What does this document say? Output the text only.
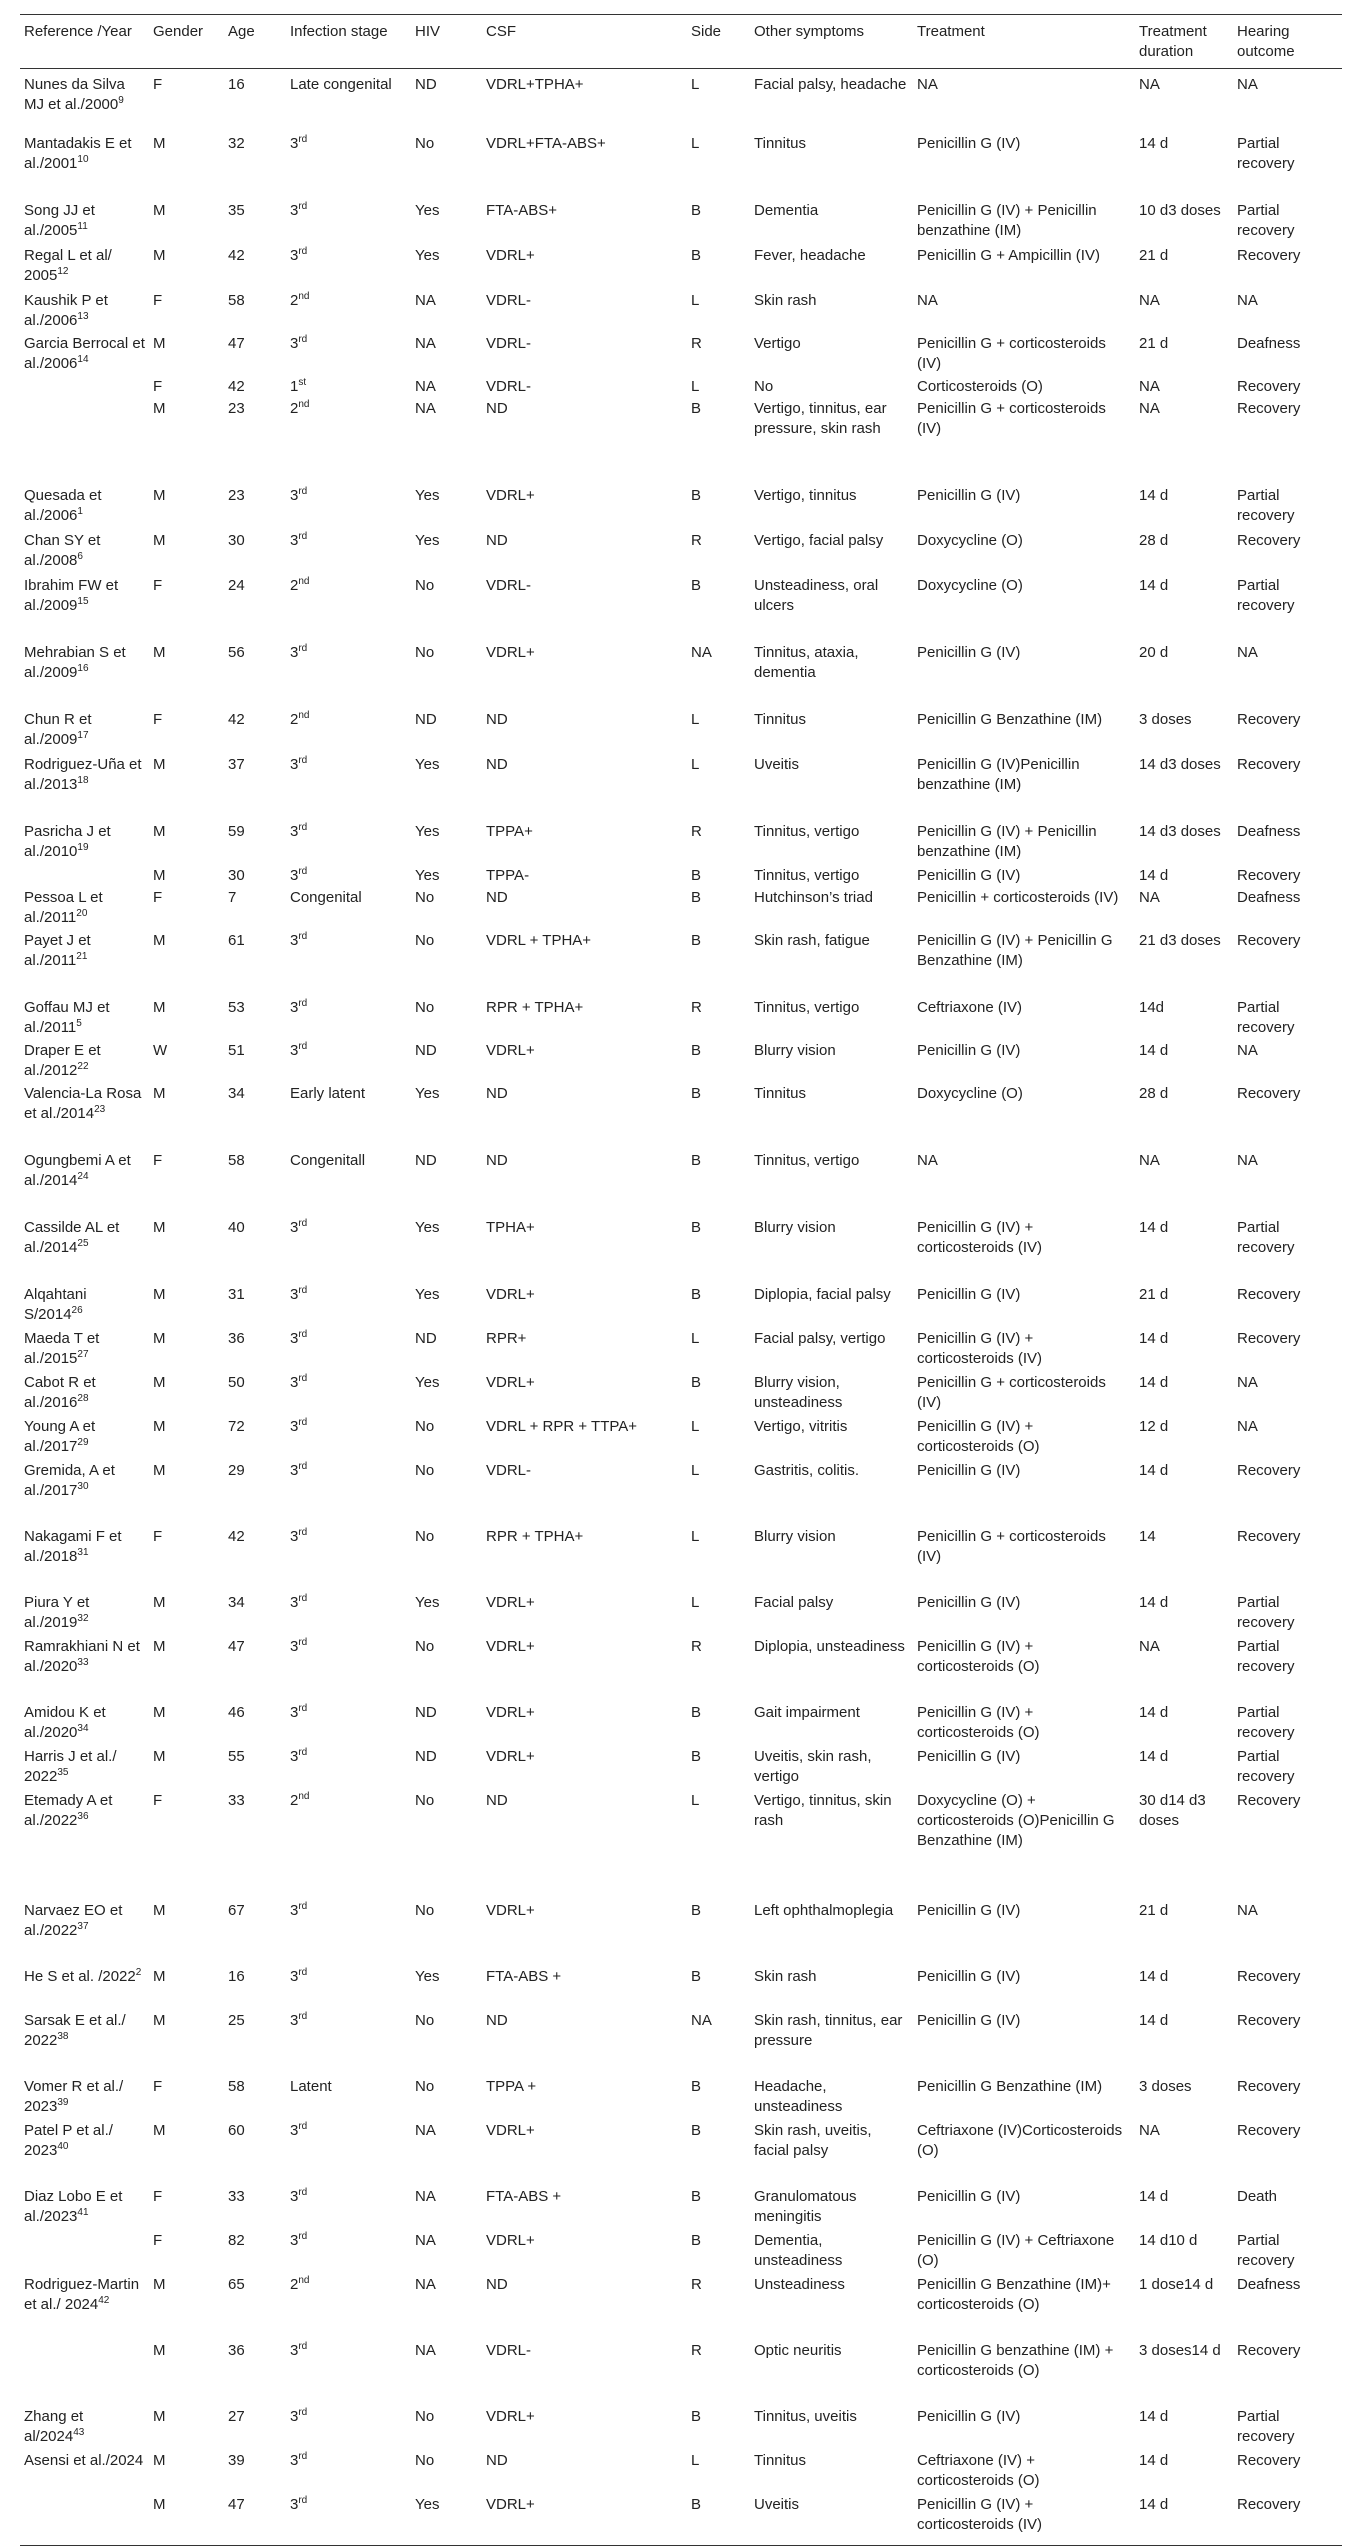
Reference /Year	Gender	Age	Infection stage	HIV	CSF	Side	Other symptoms	Treatment	Treatment duration	Hearing outcome
Nunes da Silva MJ et al./2000$^9$	F	16	Late congenital	ND	VDRL+TPHA+	L	Facial palsy, headache	NA	NA	NA
Mantadakis E et al./2001$^{10}$	M	32	3rd	No	VDRL+FTA-ABS+	L	Tinnitus	Penicillin G (IV)	14 d	Partial recovery
Song JJ et al./2005$^{11}$	M	35	3rd	Yes	FTA-ABS+	B	Dementia	Penicillin G (IV) + Penicillin benzathine (IM)	10 d3 doses	Partial recovery
Regal L et al/ 2005$^{12}$	M	42	3rd	Yes	VDRL+	B	Fever, headache	Penicillin G + Ampicillin (IV)	21 d	Recovery
Kaushik P et al./2006$^{13}$	F	58	2nd	NA	VDRL-	L	Skin rash	NA	NA	NA
Garcia Berrocal et al./2006$^{14}$	M	47	3rd	NA	VDRL-	R	Vertigo	Penicillin G + corticosteroids (IV)	21 d	Deafness
	F	42	1st	NA	VDRL-	L	No	Corticosteroids (O)	NA	Recovery
	M	23	2nd	NA	ND	B	Vertigo, tinnitus, ear pressure, skin rash	Penicillin G + corticosteroids (IV)	NA	Recovery
Quesada et al./2006$^1$	M	23	3rd	Yes	VDRL+	B	Vertigo, tinnitus	Penicillin G (IV)	14 d	Partial recovery
Chan SY et al./2008$^6$	M	30	3rd	Yes	ND	R	Vertigo, facial palsy	Doxycycline (O)	28 d	Recovery
Ibrahim FW et al./2009$^{15}$	F	24	2nd	No	VDRL-	B	Unsteadiness, oral ulcers	Doxycycline (O)	14 d	Partial recovery
Mehrabian S et al./2009$^{16}$	M	56	3rd	No	VDRL+	NA	Tinnitus, ataxia, dementia	Penicillin G (IV)	20 d	NA
Chun R et al./2009$^{17}$	F	42	2nd	ND	ND	L	Tinnitus	Penicillin G Benzathine (IM)	3 doses	Recovery
Rodriguez-Uña et al./2013$^{18}$	M	37	3rd	Yes	ND	L	Uveitis	Penicillin G (IV)Penicillin benzathine (IM)	14 d3 doses	Recovery
Pasricha J et al./2010$^{19}$	M	59	3rd	Yes	TPPA+	R	Tinnitus, vertigo	Penicillin G (IV) + Penicillin benzathine (IM)	14 d3 doses	Deafness
	M	30	3rd	Yes	TPPA-	B	Tinnitus, vertigo	Penicillin G (IV)	14 d	Recovery
Pessoa L et al./2011$^{20}$	F	7	Congenital	No	ND	B	Hutchinson’s triad	Penicillin + corticosteroids (IV)	NA	Deafness
Payet J et al./2011$^{21}$	M	61	3rd	No	VDRL + TPHA+	B	Skin rash, fatigue	Penicillin G (IV) + Penicillin G Benzathine (IM)	21 d3 doses	Recovery
Goffau MJ et al./2011$^5$	M	53	3rd	No	RPR + TPHA+	R	Tinnitus, vertigo	Ceftriaxone (IV)	14d	Partial recovery
Draper E et al./2012$^{22}$	W	51	3rd	ND	VDRL+	B	Blurry vision	Penicillin G (IV)	14 d	NA
Valencia-La Rosa et al./2014$^{23}$	M	34	Early latent	Yes	ND	B	Tinnitus	Doxycycline (O)	28 d	Recovery
Ogungbemi A et al./2014$^{24}$	F	58	Congenitall	ND	ND	B	Tinnitus, vertigo	NA	NA	NA
Cassilde AL et al./2014$^{25}$	M	40	3rd	Yes	TPHA+	B	Blurry vision	Penicillin G (IV) + corticosteroids (IV)	14 d	Partial recovery
Alqahtani S/2014$^{26}$	M	31	3rd	Yes	VDRL+	B	Diplopia, facial palsy	Penicillin G (IV)	21 d	Recovery
Maeda T et al./2015$^{27}$	M	36	3rd	ND	RPR+	L	Facial palsy, vertigo	Penicillin G (IV) + corticosteroids (IV)	14 d	Recovery
Cabot R et al./2016$^{28}$	M	50	3rd	Yes	VDRL+	B	Blurry vision, unsteadiness	Penicillin G + corticosteroids (IV)	14 d	NA
Young A et al./2017$^{29}$	M	72	3rd	No	VDRL + RPR + TTPA+	L	Vertigo, vitritis	Penicillin G (IV) + corticosteroids (O)	12 d	NA
Gremida, A et al./2017$^{30}$	M	29	3rd	No	VDRL-	L	Gastritis, colitis.	Penicillin G (IV)	14 d	Recovery
Nakagami F et al./2018$^{31}$	F	42	3rd	No	RPR + TPHA+	L	Blurry vision	Penicillin G + corticosteroids (IV)	14	Recovery
Piura Y et al./2019$^{32}$	M	34	3rd	Yes	VDRL+	L	Facial palsy	Penicillin G (IV)	14 d	Partial recovery
Ramrakhiani N et al./2020$^{33}$	M	47	3rd	No	VDRL+	R	Diplopia, unsteadiness	Penicillin G (IV) + corticosteroids (O)	NA	Partial recovery
Amidou K et al./2020$^{34}$	M	46	3rd	ND	VDRL+	B	Gait impairment	Penicillin G (IV) + corticosteroids (O)	14 d	Partial recovery
Harris J et al./ 2022$^{35}$	M	55	3rd	ND	VDRL+	B	Uveitis, skin rash, vertigo	Penicillin G (IV)	14 d	Partial recovery
Etemady A et al./2022$^{36}$	F	33	2nd	No	ND	L	Vertigo, tinnitus, skin rash	Doxycycline (O) + corticosteroids (O)Penicillin G Benzathine (IM)	30 d14 d3 doses	Recovery
Narvaez EO et al./2022$^{37}$	M	67	3rd	No	VDRL+	B	Left ophthalmoplegia	Penicillin G (IV)	21 d	NA
He S et al. /2022$^2$	M	16	3rd	Yes	FTA-ABS +	B	Skin rash	Penicillin G (IV)	14 d	Recovery
Sarsak E et al./ 2022$^{38}$	M	25	3rd	No	ND	NA	Skin rash, tinnitus, ear pressure	Penicillin G (IV)	14 d	Recovery
Vomer R et al./ 2023$^{39}$	F	58	Latent	No	TPPA +	B	Headache, unsteadiness	Penicillin G Benzathine (IM)	3 doses	Recovery
Patel P et al./ 2023$^{40}$	M	60	3rd	NA	VDRL+	B	Skin rash, uveitis, facial palsy	Ceftriaxone (IV)Corticosteroids (O)	NA	Recovery
Diaz Lobo E et al./2023$^{41}$	F	33	3rd	NA	FTA-ABS +	B	Granulomatous meningitis	Penicillin G (IV)	14 d	Death
	F	82	3rd	NA	VDRL+	B	Dementia, unsteadiness	Penicillin G (IV) + Ceftriaxone (O)	14 d10 d	Partial recovery
Rodriguez-Martin et al./ 2024$^{42}$	M	65	2nd	NA	ND	R	Unsteadiness	Penicillin G Benzathine (IM)+ corticosteroids (O)	1 dose14 d	Deafness
	M	36	3rd	NA	VDRL-	R	Optic neuritis	Penicillin G benzathine (IM) + corticosteroids (O)	3 doses14 d	Recovery
Zhang et al/2024$^{43}$	M	27	3rd	No	VDRL+	B	Tinnitus, uveitis	Penicillin G (IV)	14 d	Partial recovery
Asensi et al./2024	M	39	3rd	No	ND	L	Tinnitus	Ceftriaxone (IV) + corticosteroids (O)	14 d	Recovery
	M	47	3rd	Yes	VDRL+	B	Uveitis	Penicillin G (IV) + corticosteroids (IV)	14 d	Recovery
